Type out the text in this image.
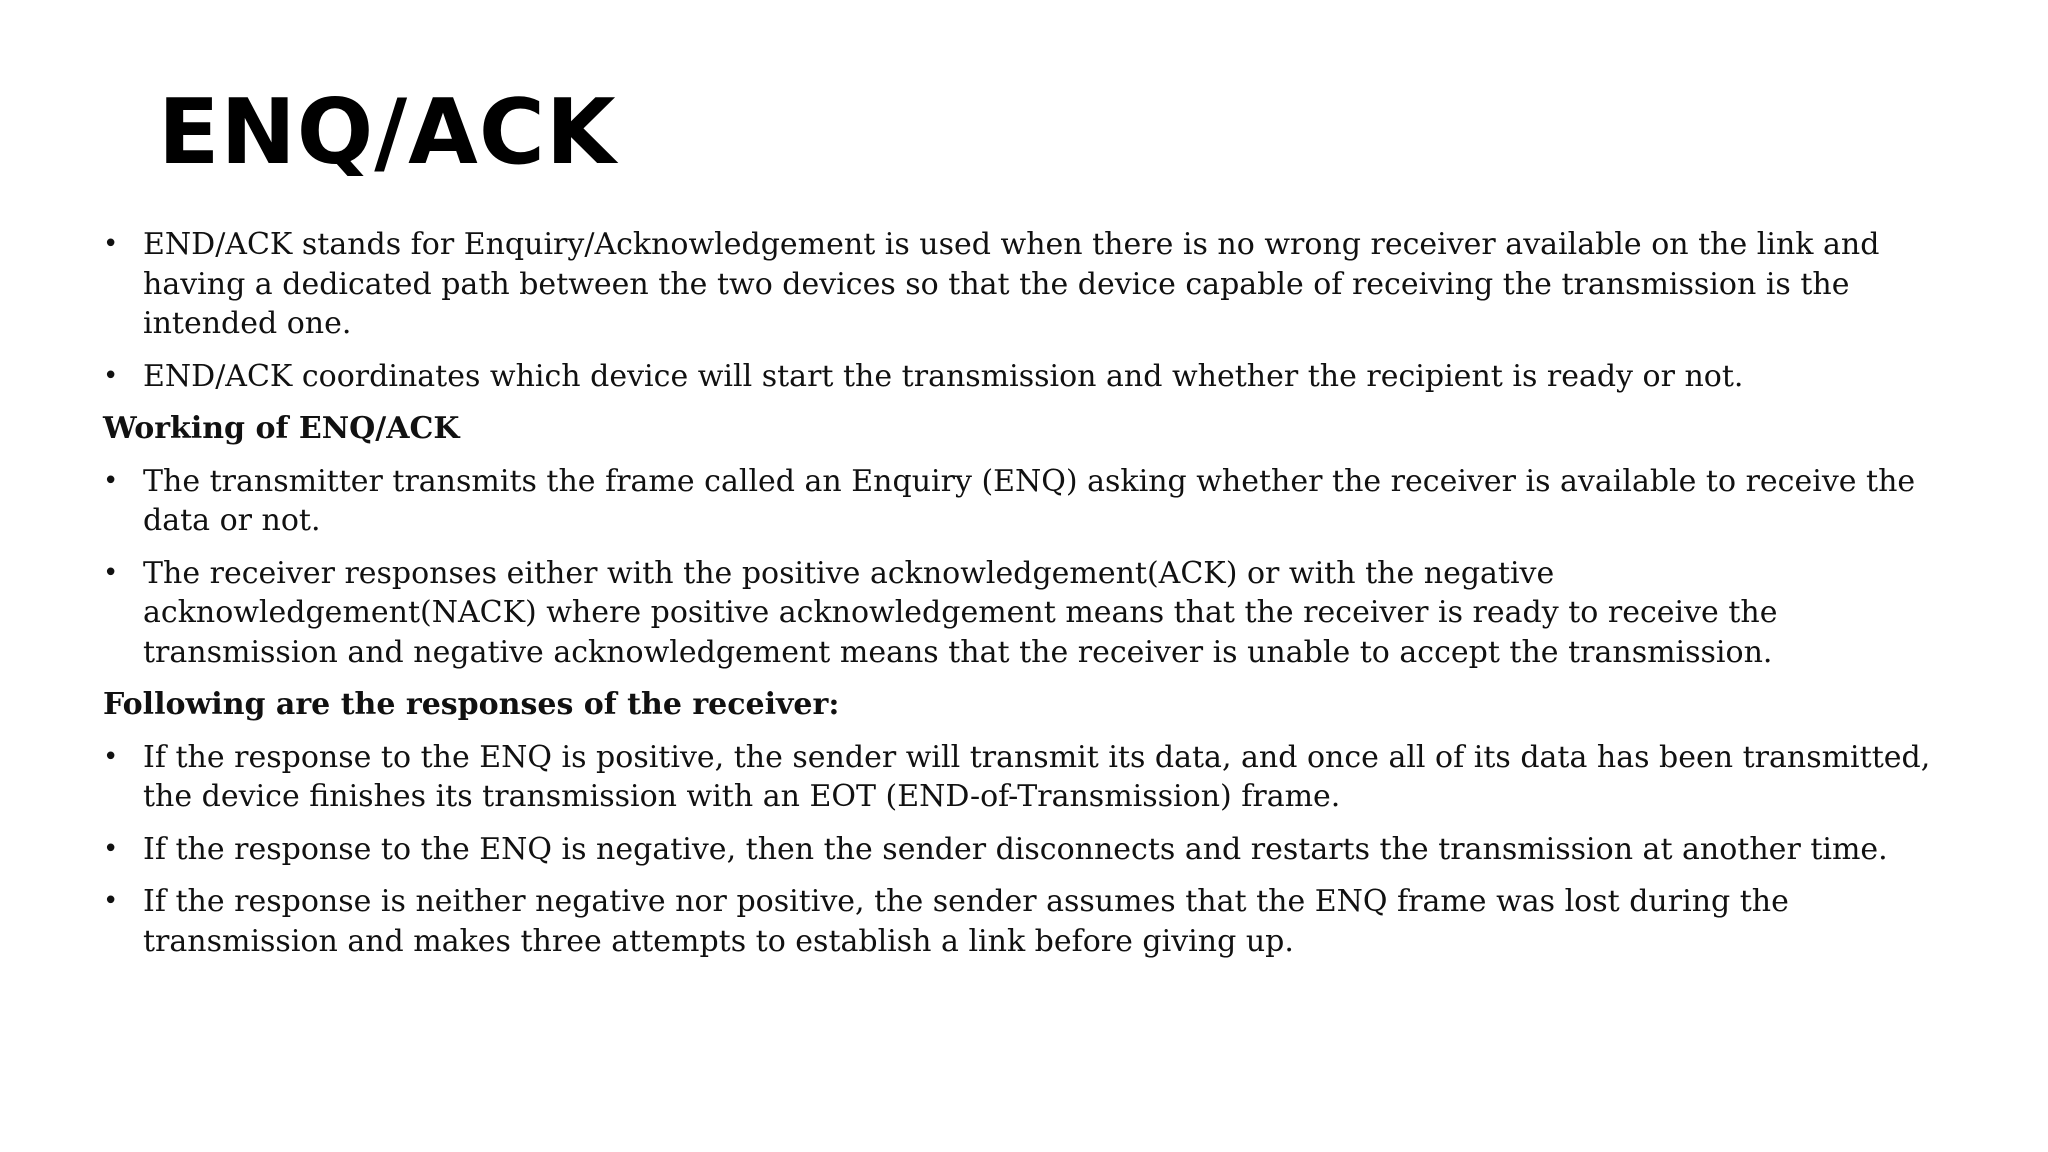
ENQ/ACK
• END/ACK stands for Enquiry/Acknowledgement is used when there is no wrong receiver available on the link and having a dedicated path between the two devices so that the device capable of receiving the transmission is the intended one.
• END/ACK coordinates which device will start the transmission and whether the recipient is ready or not.
Working of ENQ/ACK
• The transmitter transmits the frame called an Enquiry (ENQ) asking whether the receiver is available to receive the data or not.
• The receiver responses either with the positive acknowledgement(ACK) or with the negative acknowledgement(NACK) where positive acknowledgement means that the receiver is ready to receive the transmission and negative acknowledgement means that the receiver is unable to accept the transmission.
Following are the responses of the receiver:
• If the response to the ENQ is positive, the sender will transmit its data, and once all of its data has been transmitted, the device finishes its transmission with an EOT (END-of-Transmission) frame.
• If the response to the ENQ is negative, then the sender disconnects and restarts the transmission at another time.
• If the response is neither negative nor positive, the sender assumes that the ENQ frame was lost during the transmission and makes three attempts to establish a link before giving up.
